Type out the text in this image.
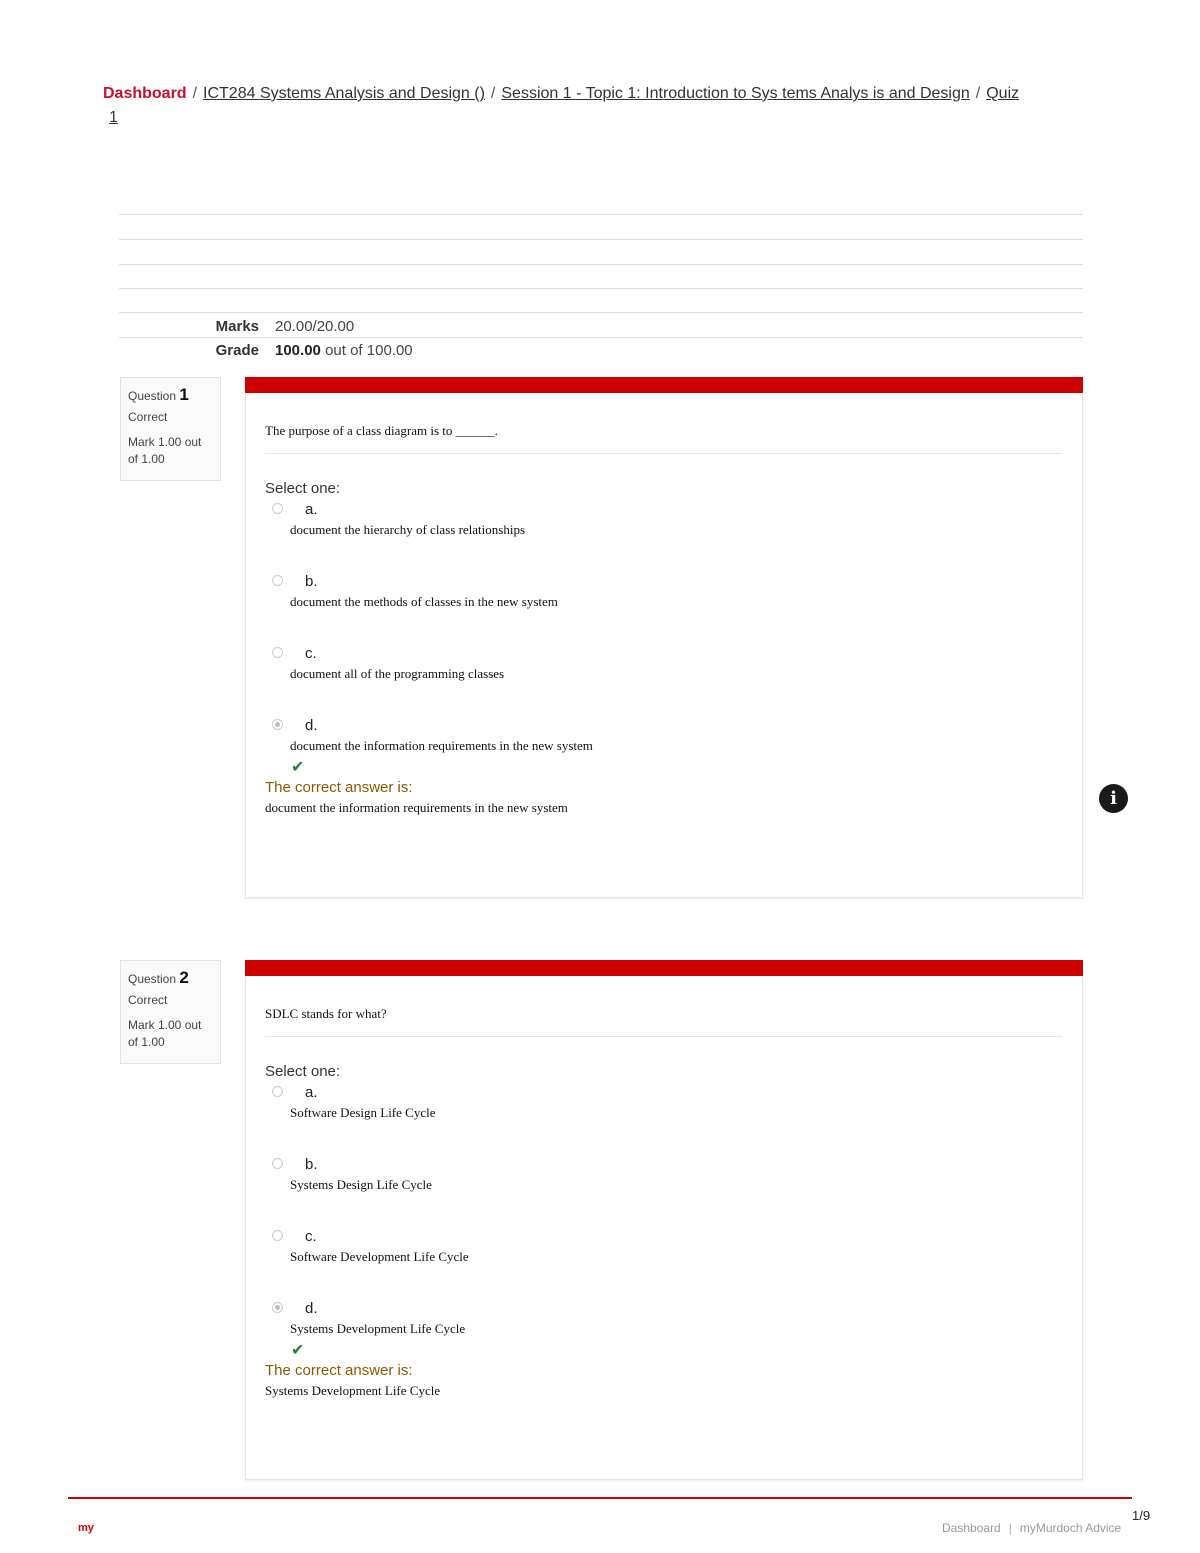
Dashboard / ICT284 Systems Analysis and Design () / Session 1 - Topic 1: Introduction to Sys tems Analys is and Design / Quiz
1
Marks 20.00/20.00
Grade 100.00 out of 100.00
Question 1
Correct
Mark 1.00 out of 1.00
The purpose of a class diagram is to ______.
Select one:
a.
document the hierarchy of class relationships
b.
document the methods of classes in the new system
c.
document all of the programming classes
d.
document the information requirements in the new system
✔
The correct answer is:
document the information requirements in the new system	i
Question 2
Correct
Mark 1.00 out of 1.00
SDLC stands for what?
Select one:
a.
Software Design Life Cycle
b.
Systems Design Life Cycle
c.
Software Development Life Cycle
d.
Systems Development Life Cycle
✔
The correct answer is:
Systems Development Life Cycle
1/9
my	Dashboard | myMurdoch Advice
